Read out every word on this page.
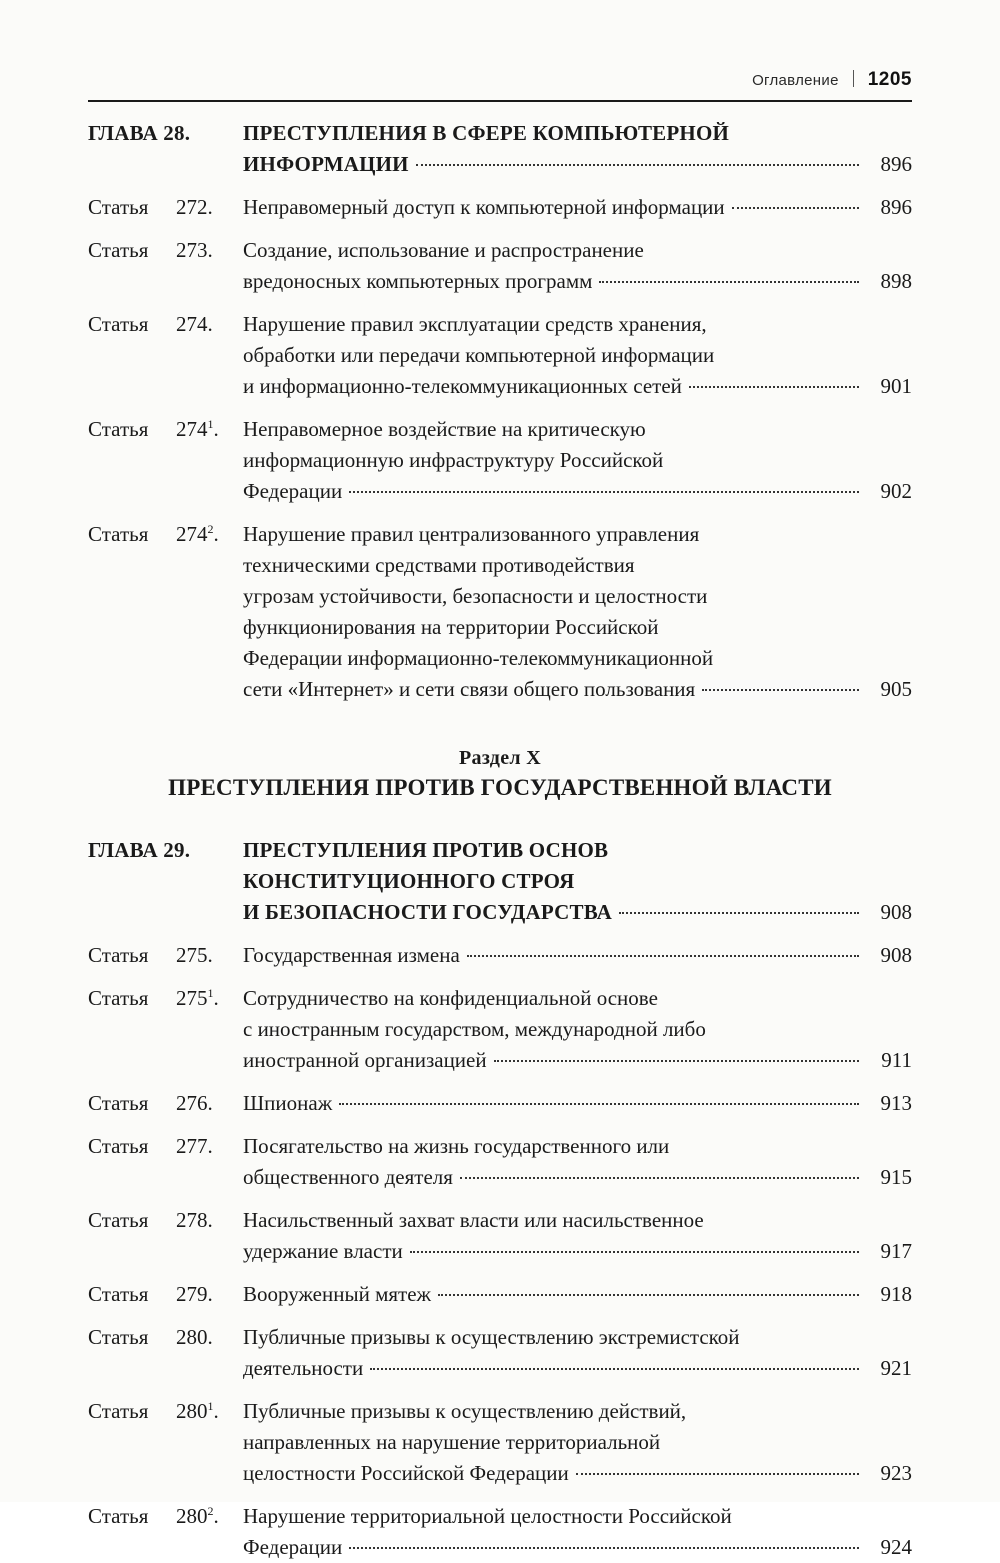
Оглавление 1205
ГЛАВА 28.	ПРЕСТУПЛЕНИЯ В СФЕРЕ КОМПЬЮТЕРНОЙ
ИНФОРМАЦИИ	896
Статья 272.	Неправомерный доступ к компьютерной информации	896
Статья 273.	Создание, использование и распространение
вредоносных компьютерных программ	898
Статья 274.	Нарушение правил эксплуатации средств хранения,
обработки или передачи компьютерной информации
и информационно-телекоммуникационных сетей	901
Статья $274^1$.	Неправомерное воздействие на критическую
информационную инфраструктуру Российской
Федерации	902
Статья $274^2$.	Нарушение правил централизованного управления
техническими средствами противодействия
угрозам устойчивости, безопасности и целостности
функционирования на территории Российской
Федерации информационно-телекоммуникационной
сети «Интернет» и сети связи общего пользования	905
Раздел X
ПРЕСТУПЛЕНИЯ ПРОТИВ ГОСУДАРСТВЕННОЙ ВЛАСТИ
ГЛАВА 29.	ПРЕСТУПЛЕНИЯ ПРОТИВ ОСНОВ
КОНСТИТУЦИОННОГО СТРОЯ
И БЕЗОПАСНОСТИ ГОСУДАРСТВА	908
Статья 275.	Государственная измена	908
Статья $275^1$.	Сотрудничество на конфиденциальной основе
с иностранным государством, международной либо
иностранной организацией	911
Статья 276.	Шпионаж	913
Статья 277.	Посягательство на жизнь государственного или
общественного деятеля	915
Статья 278.	Насильственный захват власти или насильственное
удержание власти	917
Статья 279.	Вооруженный мятеж	918
Статья 280.	Публичные призывы к осуществлению экстремистской
деятельности	921
Статья $280^1$.	Публичные призывы к осуществлению действий,
направленных на нарушение территориальной
целостности Российской Федерации	923
Статья $280^2$.	Нарушение территориальной целостности Российской
Федерации	924
